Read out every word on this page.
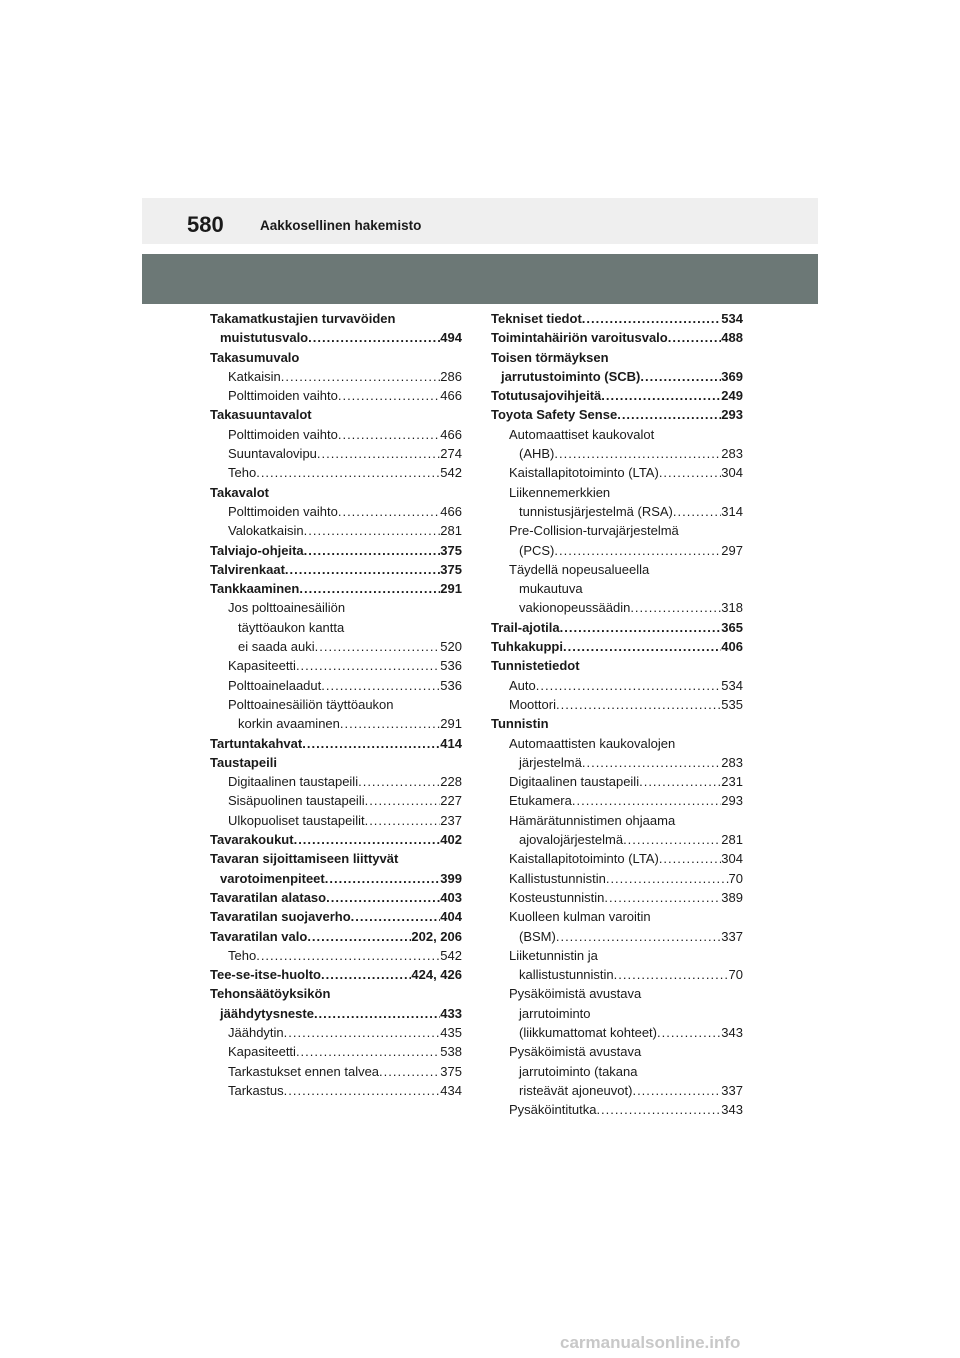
580	Aakkosellinen hakemisto
Takamatkustajien turvavöiden
muistutusvalo .....	494
Takasumuvalo
Katkaisin .....	286
Polttimoiden vaihto .....	466
Takasuuntavalot
Polttimoiden vaihto .....	466
Suuntavalovipu .....	274
Teho .....	542
Takavalot
Polttimoiden vaihto .....	466
Valokatkaisin .....	281
Talviajo-ohjeita .....	375
Talvirenkaat .....	375
Tankkaaminen .....	291
Jos polttoainesäiliön
täyttöaukon kantta
ei saada auki .....	520
Kapasiteetti .....	536
Polttoainelaadut .....	536
Polttoainesäiliön täyttöaukon
korkin avaaminen .....	291
Tartuntakahvat .....	414
Taustapeili
Digitaalinen taustapeili .....	228
Sisäpuolinen taustapeili .....	227
Ulkopuoliset taustapeilit .....	237
Tavarakoukut .....	402
Tavaran sijoittamiseen liittyvät
varotoimenpiteet .....	399
Tavaratilan alataso .....	403
Tavaratilan suojaverho .....	404
Tavaratilan valo .....	202, 206
Teho .....	542
Tee-se-itse-huolto .....	424, 426
Tehonsäätöyksikön
jäähdytysneste .....	433
Jäähdytin .....	435
Kapasiteetti .....	538
Tarkastukset ennen talvea .....	375
Tarkastus .....	434
Tekniset tiedot .....	534
Toimintahäiriön varoitusvalo .....	488
Toisen törmäyksen
jarrutustoiminto (SCB) .....	369
Totutusajovihjeitä .....	249
Toyota Safety Sense .....	293
Automaattiset kaukovalot
(AHB) .....	283
Kaistallapitotoiminto (LTA) .....	304
Liikennemerkkien
tunnistusjärjestelmä (RSA) .....	314
Pre-Collision-turvajärjestelmä
(PCS) .....	297
Täydellä nopeusalueella
mukautuva
vakionopeussäädin .....	318
Trail-ajotila .....	365
Tuhkakuppi .....	406
Tunnistetiedot
Auto .....	534
Moottori .....	535
Tunnistin
Automaattisten kaukovalojen
järjestelmä .....	283
Digitaalinen taustapeili .....	231
Etukamera .....	293
Hämärätunnistimen ohjaama
ajovalojärjestelmä .....	281
Kaistallapitotoiminto (LTA) .....	304
Kallistustunnistin .....	70
Kosteustunnistin .....	389
Kuolleen kulman varoitin
(BSM) .....	337
Liiketunnistin ja
kallistustunnistin .....	70
Pysäköimistä avustava
jarrutoiminto
(liikkumattomat kohteet) .....	343
Pysäköimistä avustava
jarrutoiminto (takana
risteävät ajoneuvot) .....	337
Pysäköintitutka .....	343
carmanualsonline.info
